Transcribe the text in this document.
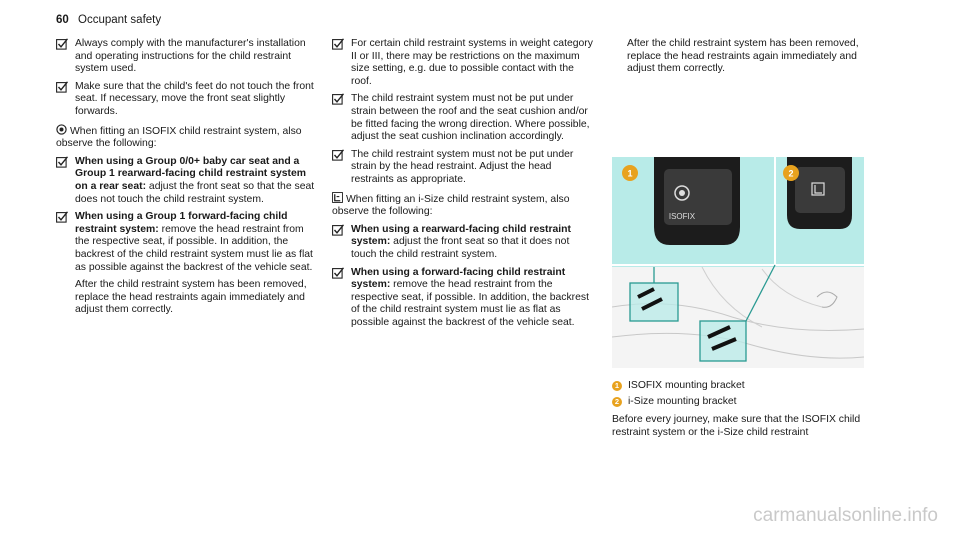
60 Occupant safety
Always comply with the manufacturer's installation and operating instructions for the child restraint system used.
Make sure that the child's feet do not touch the front seat. If necessary, move the front seat slightly forwards.
When fitting an ISOFIX child restraint system, also observe the following:
When using a Group 0/0+ baby car seat and a Group 1 rearward-facing child restraint system on a rear seat: adjust the front seat so that the seat does not touch the child restraint system.
When using a Group 1 forward-facing child restraint system: remove the head restraint from the respective seat, if possible. In addition, the backrest of the child restraint system must lie as flat as possible against the backrest of the vehicle seat.
After the child restraint system has been removed, replace the head restraints again immediately and adjust them correctly.
For certain child restraint systems in weight category II or III, there may be restrictions on the maximum size setting, e.g. due to possible contact with the roof.
The child restraint system must not be put under strain between the roof and the seat cushion and/or be fitted facing the wrong direction. Where possible, adjust the seat cushion inclination accordingly.
The child restraint system must not be put under strain by the head restraint. Adjust the head restraints as appropriate.
When fitting an i-Size child restraint system, also observe the following:
When using a rearward-facing child restraint system: adjust the front seat so that it does not touch the child restraint system.
When using a forward-facing child restraint system: remove the head restraint from the respective seat, if possible. In addition, the backrest of the child restraint system must lie as flat as possible against the backrest of the vehicle seat.
After the child restraint system has been removed, replace the head restraints again immediately and adjust them correctly.
ISOFIX
1	2
1 ISOFIX mounting bracket
2 i-Size mounting bracket
Before every journey, make sure that the ISOFIX child restraint system or the i-Size child restraint
carmanualsonline.info
